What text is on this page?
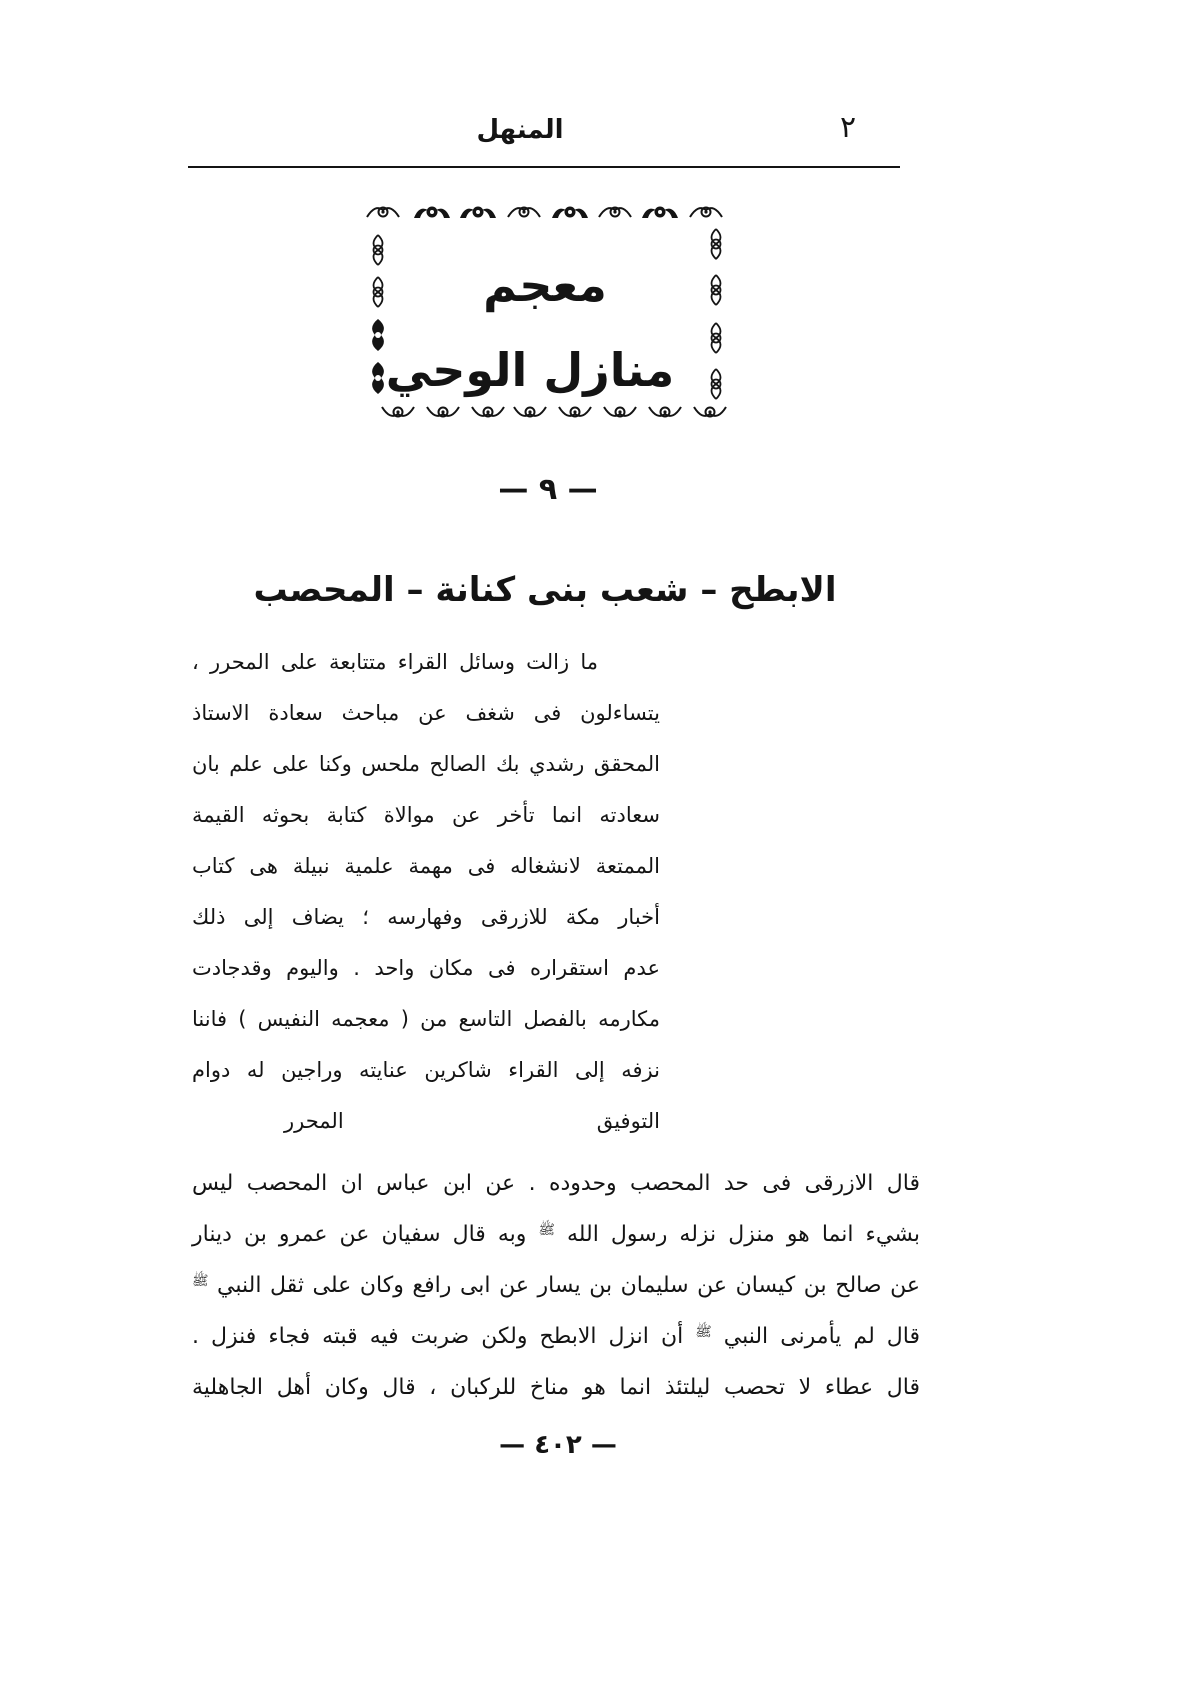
٢
المنهل
معجم
منازل الوحي
— ٩ —
الابطح – شعب بنى كنانة – المحصب
ما زالت وسائل القراء متتابعة على المحرر ،
يتساءلون فى شغف عن مباحث سعادة الاستاذ
المحقق رشدي بك الصالح ملحس وكنا على علم بان
سعادته انما تأخر عن موالاة كتابة بحوثه القيمة
الممتعة لانشغاله فى مهمة علمية نبيلة هى كتاب
أخبار مكة للازرقى وفهارسه ؛ يضاف إلى ذلك
عدم استقراره فى مكان واحد . واليوم وقدجادت
مكارمه بالفصل التاسع من ( معجمه النفيس ) فاننا
نزفه إلى القراء شاكرين عنايته وراجين له دوام
التوفيق
المحرر
قال الازرقى فى حد المحصب وحدوده . عن ابن عباس ان المحصب ليس
بشيء انما هو منزل نزله رسول الله $^ﷺ$ وبه قال سفيان عن عمرو بن دينار
عن صالح بن كيسان عن سليمان بن يسار عن ابى رافع وكان على ثقل النبي $^ﷺ$
قال لم يأمرنى النبي $^ﷺ$ أن انزل الابطح ولكن ضربت فيه قبته فجاء فنزل .
قال عطاء لا تحصب ليلتئذ انما هو مناخ للركبان ، قال وكان أهل الجاهلية
— ٤٠٢ —
